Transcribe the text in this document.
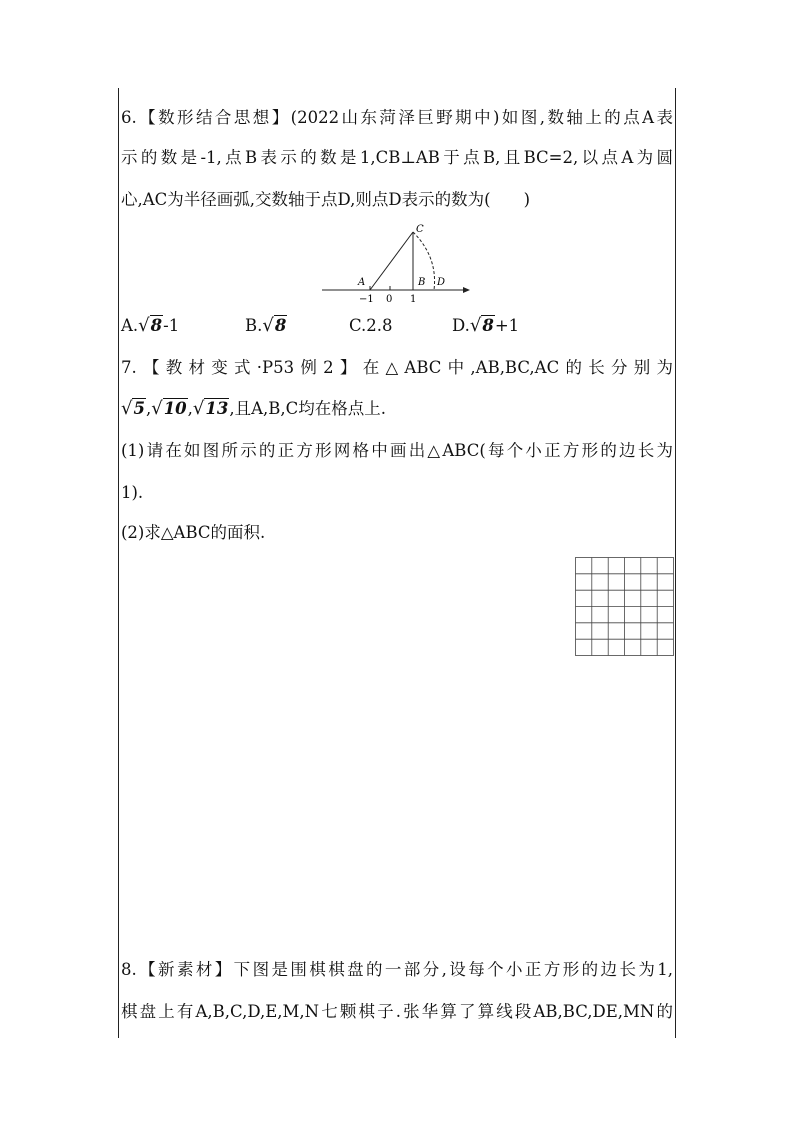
6.【数形结合思想】(2022山东菏泽巨野期中)如图,数轴上的点A表
示的数是-1,点B表示的数是1,CB⊥AB于点B,且BC=2,以点A为圆
心,AC为半径画弧,交数轴于点D,则点D表示的数为(　　)
A
C
B D
−1 0 1
A.√8-1	B.√8	C.2.8	D.√8+1
7.【教材变式·P53例2】在△ABC中,AB,BC,AC的长分别为
√5,√10,√13,且A,B,C均在格点上.
(1)请在如图所示的正方形网格中画出△ABC(每个小正方形的边长为
1).
(2)求△ABC的面积.
8.【新素材】下图是围棋棋盘的一部分,设每个小正方形的边长为1,
棋盘上有A,B,C,D,E,M,N七颗棋子.张华算了算线段AB,BC,DE,MN的
